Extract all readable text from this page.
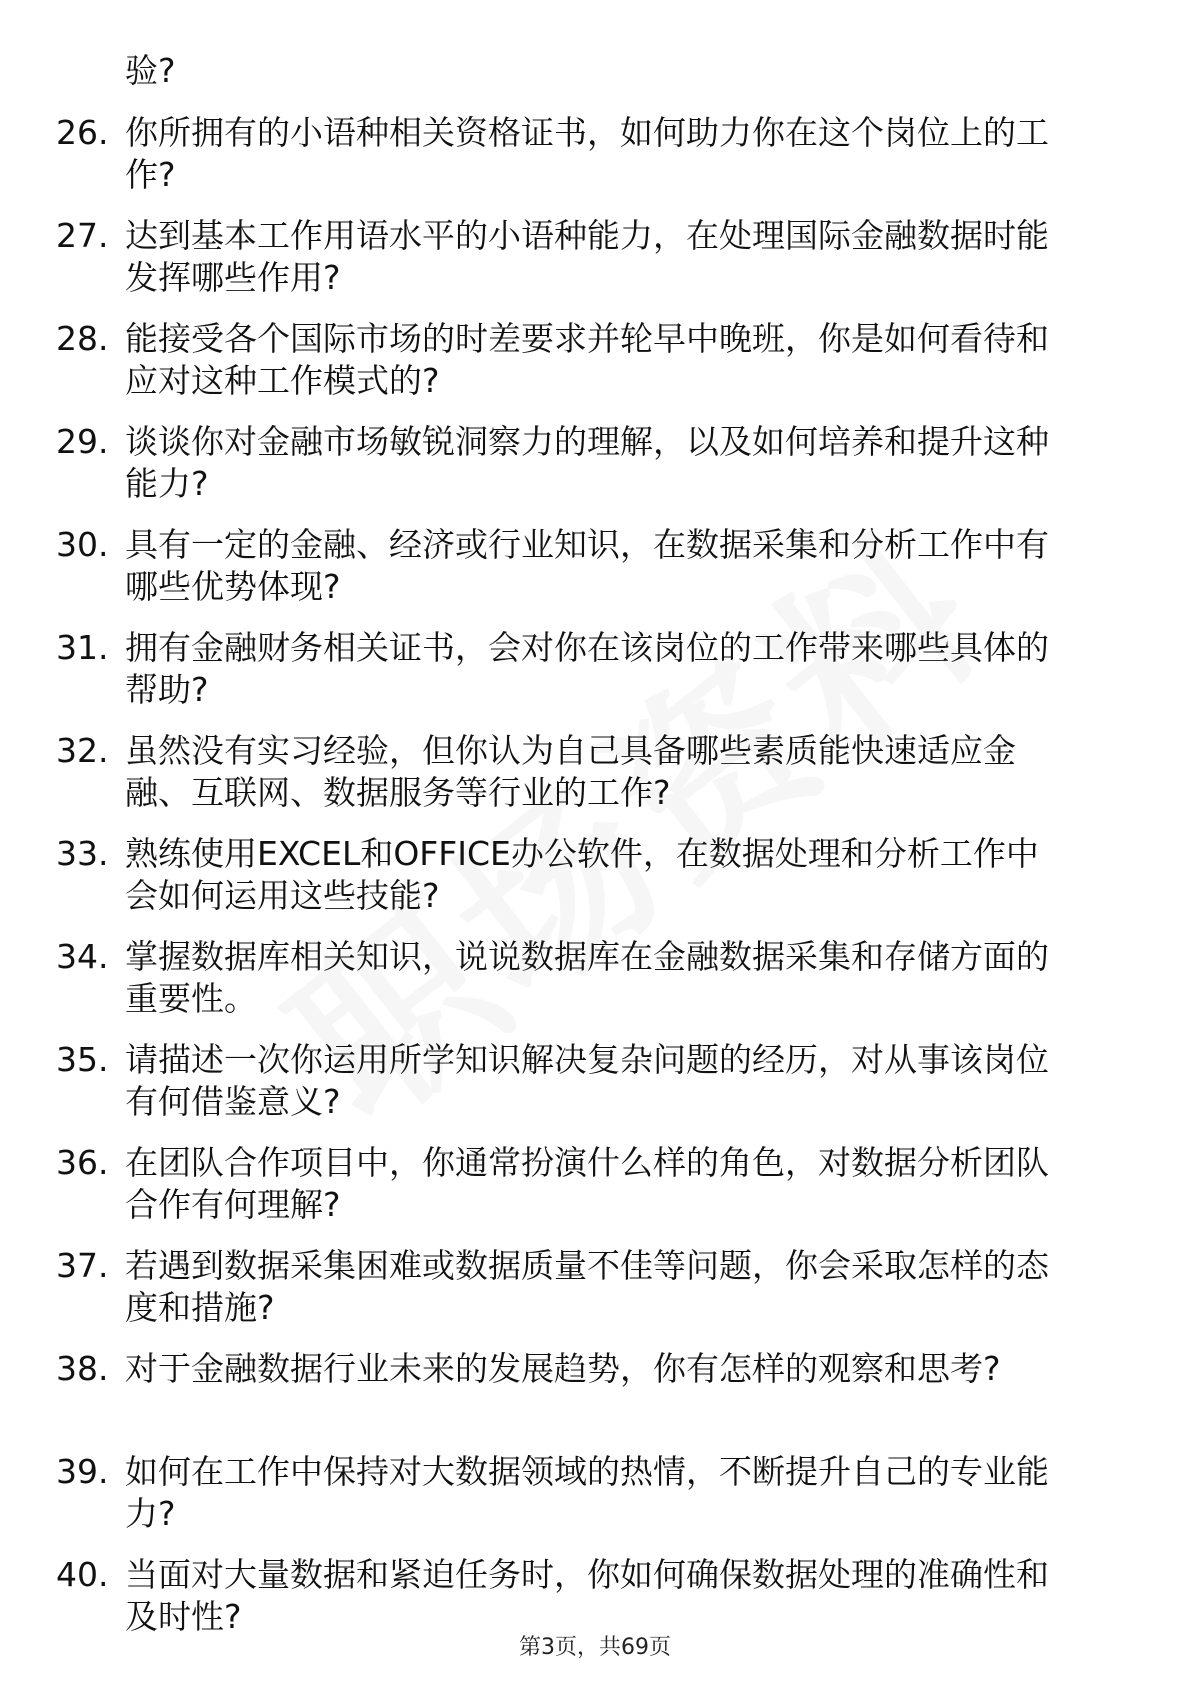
验?
26. 你所拥有的小语种相关资格证书，如何助力你在这个岗位上的工
作?
27. 达到基本工作用语水平的小语种能力，在处理国际金融数据时能
发挥哪些作用?
28. 能接受各个国际市场的时差要求并轮早中晚班，你是如何看待和
应对这种工作模式的?
29. 谈谈你对金融市场敏锐洞察力的理解，以及如何培养和提升这种
能力?
30. 具有一定的金融、经济或行业知识，在数据采集和分析工作中有
哪些优势体现?
31. 拥有金融财务相关证书，会对你在该岗位的工作带来哪些具体的
帮助?
32. 虽然没有实习经验，但你认为自己具备哪些素质能快速适应金
融、互联网、数据服务等行业的工作?
33. 熟练使用EXCEL和OFFICE办公软件，在数据处理和分析工作中
会如何运用这些技能?
34. 掌握数据库相关知识，说说数据库在金融数据采集和存储方面的
重要性。
35. 请描述一次你运用所学知识解决复杂问题的经历，对从事该岗位
有何借鉴意义?
36. 在团队合作项目中，你通常扮演什么样的角色，对数据分析团队
合作有何理解?
37. 若遇到数据采集困难或数据质量不佳等问题，你会采取怎样的态
度和措施?
38. 对于金融数据行业未来的发展趋势，你有怎样的观察和思考?
39. 如何在工作中保持对大数据领域的热情，不断提升自己的专业能
力?
40. 当面对大量数据和紧迫任务时，你如何确保数据处理的准确性和
及时性?
第3页，共69页
